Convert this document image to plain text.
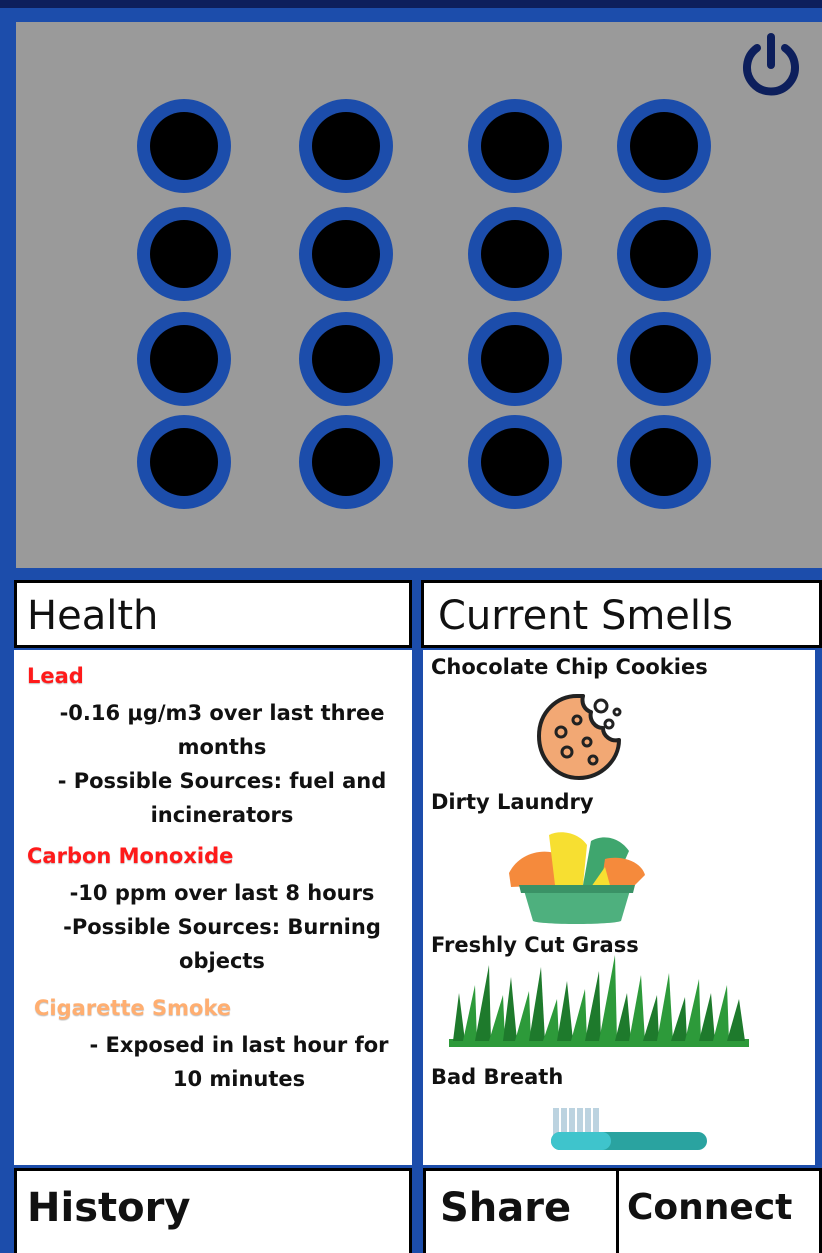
Health	Current Smells
Lead
-0.16 μg/m3 over last three months
- Possible Sources: fuel and incinerators
Carbon Monoxide
-10 ppm over last 8 hours
-Possible Sources: Burning objects
Cigarette Smoke
- Exposed in last hour for 10 minutes
Chocolate Chip Cookies
Dirty Laundry
Freshly Cut Grass
Bad Breath
History	Share Connect
